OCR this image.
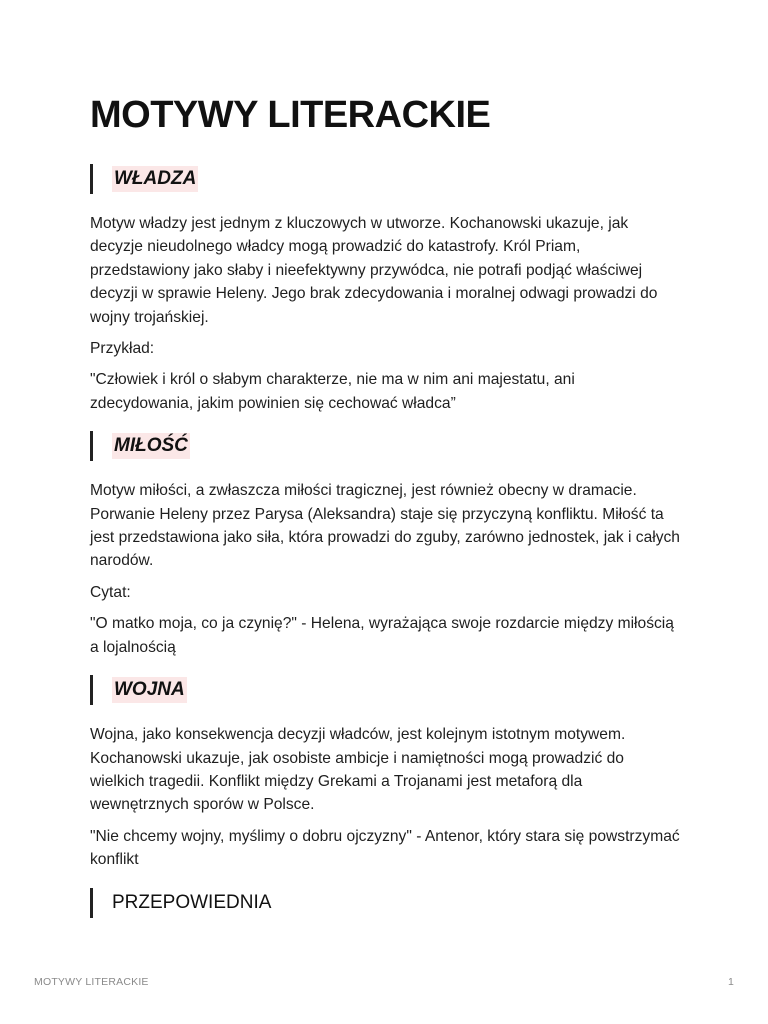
MOTYWY LITERACKIE
WŁADZA

Motyw władzy jest jednym z kluczowych w utworze. Kochanowski ukazuje, jak decyzje nieudolnego władcy mogą prowadzić do katastrofy. Król Priam, przedstawiony jako słaby i nieefektywny przywódca, nie potrafi podjąć właściwej decyzji w sprawie Heleny. Jego brak zdecydowania i moralnej odwagi prowadzi do wojny trojańskiej.

Przykład:

"Człowiek i król o słabym charakterze, nie ma w nim ani majestatu, ani zdecydowania, jakim powinien się cechować władca”

MIŁOŚĆ

Motyw miłości, a zwłaszcza miłości tragicznej, jest również obecny w dramacie. Porwanie Heleny przez Parysa (Aleksandra) staje się przyczyną konfliktu. Miłość ta jest przedstawiona jako siła, która prowadzi do zguby, zarówno jednostek, jak i całych narodów.

Cytat:

"O matko moja, co ja czynię?" - Helena, wyrażająca swoje rozdarcie między miłością a lojalnością

WOJNA

Wojna, jako konsekwencja decyzji władców, jest kolejnym istotnym motywem. Kochanowski ukazuje, jak osobiste ambicje i namiętności mogą prowadzić do wielkich tragedii. Konflikt między Grekami a Trojanami jest metaforą dla wewnętrznych sporów w Polsce.

"Nie chcemy wojny, myślimy o dobru ojczyzny" - Antenor, który stara się powstrzymać konflikt

PRZEPOWIEDNIA
MOTYWY LITERACKIE	1
